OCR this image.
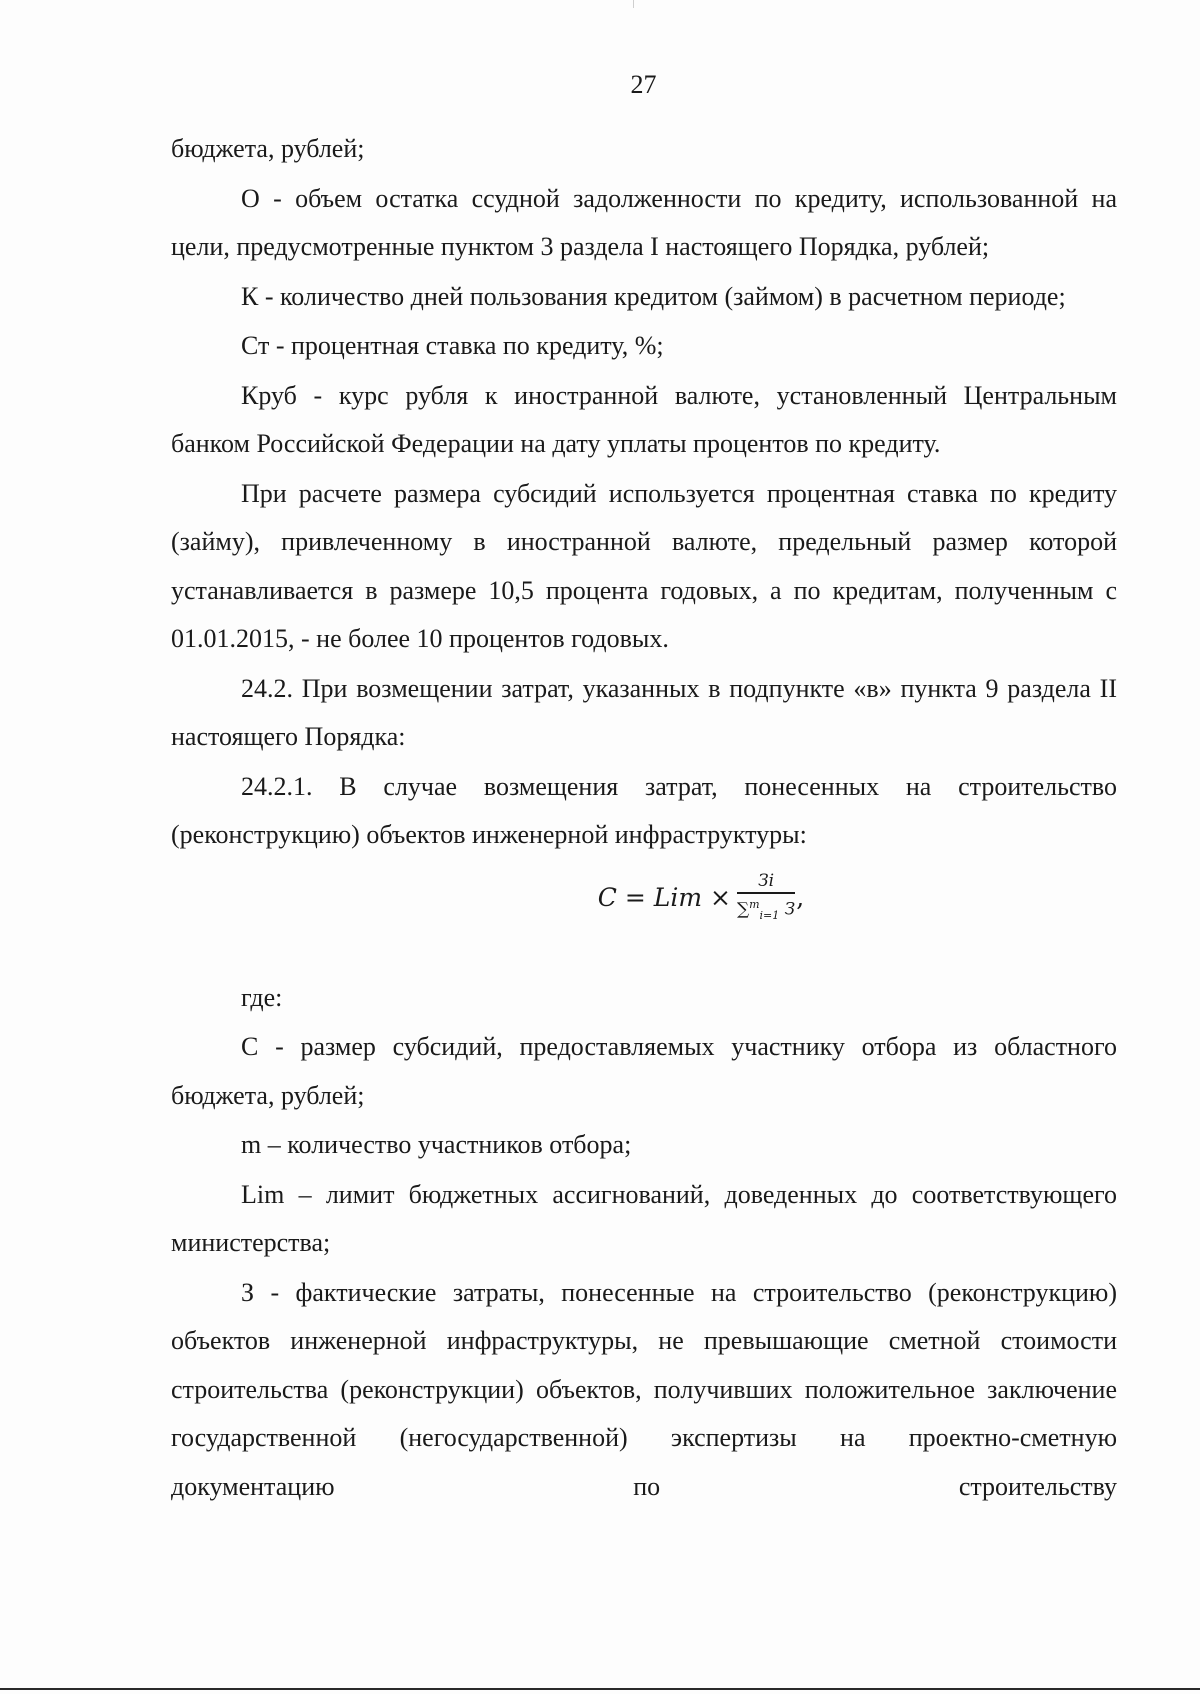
27

бюджета, рублей;

О - объем остатка ссудной задолженности по кредиту, использованной на цели, предусмотренные пунктом 3 раздела I настоящего Порядка, рублей;

К - количество дней пользования кредитом (займом) в расчетном периоде;

Ст - процентная ставка по кредиту, %;

Круб - курс рубля к иностранной валюте, установленный Центральным банком Российской Федерации на дату уплаты процентов по кредиту.

При расчете размера субсидий используется процентная ставка по кредиту (займу), привлеченному в иностранной валюте, предельный размер которой устанавливается в размере 10,5 процента годовых, а по кредитам, полученным с 01.01.2015, - не более 10 процентов годовых.

24.2. При возмещении затрат, указанных в подпункте «в» пункта 9 раздела II настоящего Порядка:

24.2.1. В случае возмещения затрат, понесенных на строительство (реконструкцию) объектов инженерной инфраструктуры:

C = Lim × $\frac{Зi}{\sum^m_{i=1} З}$ ,

где:

С - размер субсидий, предоставляемых участнику отбора из областного бюджета, рублей;

m – количество участников отбора;

Lim – лимит бюджетных ассигнований, доведенных до соответствующего министерства;

З - фактические затраты, понесенные на строительство (реконструкцию) объектов инженерной инфраструктуры, не превышающие сметной стоимости строительства (реконструкции) объектов, получивших положительное заключение государственной (негосударственной) экспертизы на проектно-сметную документацию по строительству
